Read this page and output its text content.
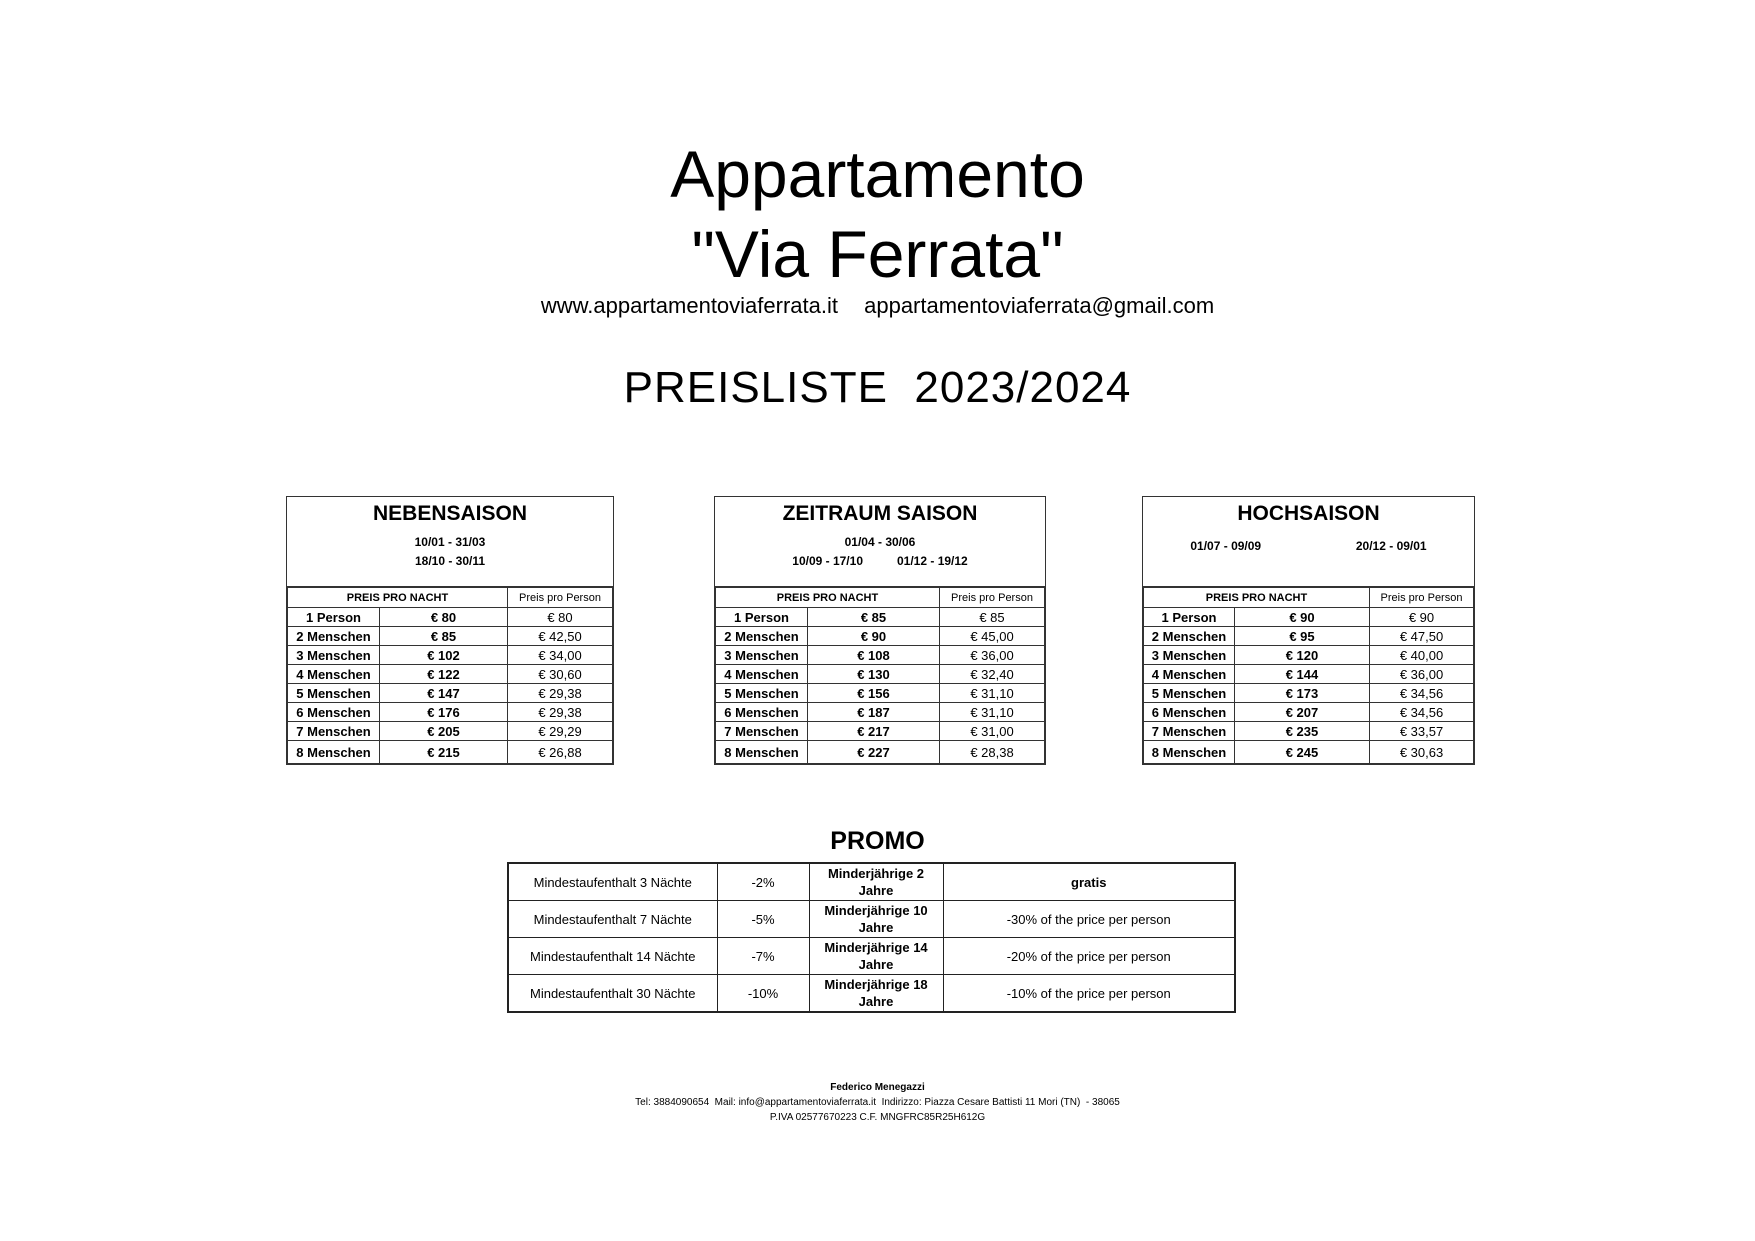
Appartamento
"Via Ferrata"
www.appartamentoviaferrata.it appartamentoviaferrata@gmail.com
PREISLISTE  2023/2024
NEBENSAISON
10/01 - 31/03
18/10 - 30/11
PREIS PRO NACHT		Preis pro Person
1 Person	€ 80	€ 80
2 Menschen	€ 85	€ 42,50
3 Menschen	€ 102	€ 34,00
4 Menschen	€ 122	€ 30,60
5 Menschen	€ 147	€ 29,38
6 Menschen	€ 176	€ 29,38
7 Menschen	€ 205	€ 29,29
8 Menschen	€ 215	€ 26,88
ZEITRAUM SAISON
01/04 - 30/06
10/09 - 17/10	01/12 - 19/12
PREIS PRO NACHT		Preis pro Person
1 Person	€ 85	€ 85
2 Menschen	€ 90	€ 45,00
3 Menschen	€ 108	€ 36,00
4 Menschen	€ 130	€ 32,40
5 Menschen	€ 156	€ 31,10
6 Menschen	€ 187	€ 31,10
7 Menschen	€ 217	€ 31,00
8 Menschen	€ 227	€ 28,38
HOCHSAISON
01/07 - 09/09	20/12 - 09/01
PREIS PRO NACHT		Preis pro Person
1 Person	€ 90	€ 90
2 Menschen	€ 95	€ 47,50
3 Menschen	€ 120	€ 40,00
4 Menschen	€ 144	€ 36,00
5 Menschen	€ 173	€ 34,56
6 Menschen	€ 207	€ 34,56
7 Menschen	€ 235	€ 33,57
8 Menschen	€ 245	€ 30,63
PROMO
Mindestaufenthalt 3 Nächte	-2%	Minderjährige 2 Jahre	gratis
Mindestaufenthalt 7 Nächte	-5%	Minderjährige 10 Jahre	-30% of the price per person
Mindestaufenthalt 14 Nächte	-7%	Minderjährige 14 Jahre	-20% of the price per person
Mindestaufenthalt 30 Nächte	-10%	Minderjährige 18 Jahre	-10% of the price per person
Federico Menegazzi
Tel: 3884090654  Mail: info@appartamentoviaferrata.it  Indirizzo: Piazza Cesare Battisti 11 Mori (TN)  - 38065
P.IVA 02577670223 C.F. MNGFRC85R25H612G
